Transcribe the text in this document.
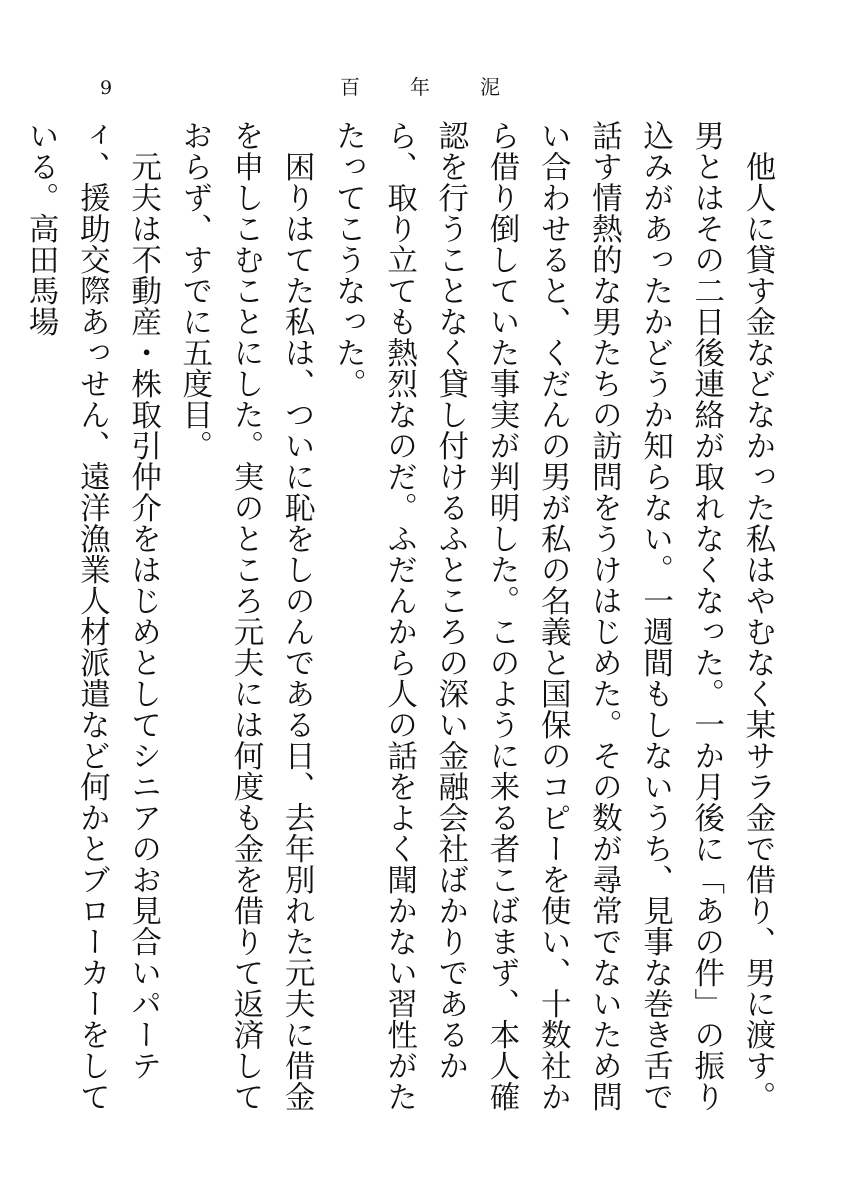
9	百	年	泥

他人に貸す金などなかった私はやむなく某サラ金で借り、男に渡す。男とはその二日後連絡が取れなくなった。一か月後に「あの件」の振り込みがあったかどうか知らない。一週間もしないうち、見事な巻き舌で話す情熱的な男たちの訪問をうけはじめた。その数が尋常でないため問い合わせると、くだんの男が私の名義と国保のコピーを使い、十数社から借り倒していた事実が判明した。このように来る者こばまず、本人確認を行うことなく貸し付けるふところの深い金融会社ばかりであるから、取り立ても熱烈なのだ。ふだんから人の話をよく聞かない習性がたたってこうなった。

困りはてた私は、ついに恥をしのんである日、去年別れた元夫に借金を申しこむことにした。実のところ元夫には何度も金を借りて返済しておらず、すでに五度目。

元夫は不動産・株取引仲介をはじめとしてシニアのお見合いパーティ、援助交際あっせん、遠洋漁業人材派遣など何かとブローカーをしている。高田馬場
